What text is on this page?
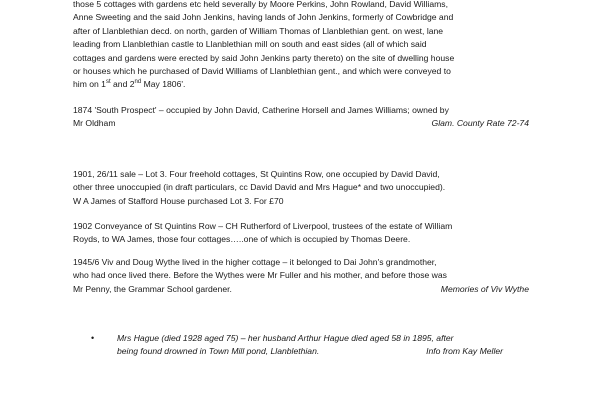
those 5 cottages with gardens etc held severally by Moore Perkins, John Rowland, David Williams,
Anne Sweeting and the said John Jenkins, having lands of John Jenkins, formerly of Cowbridge and
after of Llanblethian decd. on north, garden of William Thomas of Llanblethian gent. on west, lane
leading from Llanblethian castle to Llanblethian mill on south and east sides (all of which said
cottages and gardens were erected by said John Jenkins party thereto) on the site of dwelling house
or houses which he purchased of David Williams of Llanblethian gent., and which were conveyed to
him on 1st and 2nd May 1806'.
1874 'South Prospect' – occupied by John David, Catherine Horsell and James Williams; owned by
Mr Oldham	Glam. County Rate 72-74
1901, 26/11 sale – Lot 3. Four freehold cottages, St Quintins Row, one occupied by David David,
other three unoccupied (in draft particulars, cc David David and Mrs Hague* and two unoccupied).
W A James of Stafford House purchased Lot 3. For £70
1902 Conveyance of St Quintins Row – CH Rutherford of Liverpool, trustees of the estate of William
Royds, to WA James, those four cottages…..one of which is occupied by Thomas Deere.
1945/6 Viv and Doug Wythe lived in the higher cottage – it belonged to Dai John's grandmother,
who had once lived there. Before the Wythes were Mr Fuller and his mother, and before those was
Mr Penny, the Grammar School gardener.	Memories of Viv Wythe
•	Mrs Hague (died 1928 aged 75) – her husband Arthur Hague died aged 58 in 1895, after
being found drowned in Town Mill pond, Llanblethian.	Info from Kay Meller
